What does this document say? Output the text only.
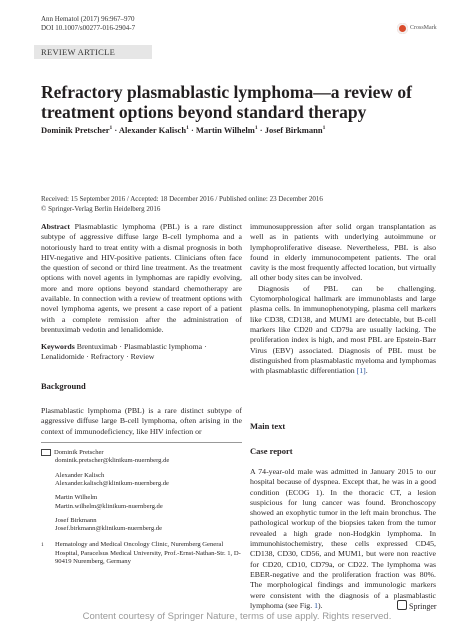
Ann Hematol (2017) 96:967–970
DOI 10.1007/s00277-016-2904-7	CrossMark
REVIEW ARTICLE
Refractory plasmablastic lymphoma—a review of treatment options beyond standard therapy
Dominik Pretscher$^1$ · Alexander Kalisch$^1$ · Martin Wilhelm$^1$ · Josef Birkmann$^1$
Received: 15 September 2016 / Accepted: 18 December 2016 / Published online: 23 December 2016
© Springer-Verlag Berlin Heidelberg 2016

Abstract Plasmablastic lymphoma (PBL) is a rare distinct subtype of aggressive diffuse large B-cell lymphoma and a notoriously hard to treat entity with a dismal prognosis in both HIV-negative and HIV-positive patients. Clinicians often face the question of second or third line treatment. As the treatment options with novel agents in lymphomas are rapidly evolving, more and more options beyond standard chemotherapy are available. In connection with a review of treatment options with novel lymphoma agents, we present a case report of a patient with a complete remission after the administration of brentuximab vedotin and lenalidomide.

Keywords Brentuximab · Plasmablastic lymphoma · Lenalidomide · Refractory · Review

Background

Plasmablastic lymphoma (PBL) is a rare distinct subtype of aggressive diffuse large B-cell lymphoma, often arising in the context of immunodeficiency, like HIV infection or

Dominik Pretscher
dominik.pretscher@klinikum-nuernberg.de
Alexander Kalisch
Alexander.kalisch@klinikum-nuernberg.de
Martin Wilhelm
Martin.wilhelm@klinikum-nuernberg.de
Josef Birkmann
Josef.birkmann@klinikum-nuernberg.de
1	Hematology and Medical Oncology Clinic, Nuremberg General Hospital, Paracelsus Medical University, Prof.-Ernst-Nathan-Str. 1, D-90419 Nuremberg, Germany

immunosuppression after solid organ transplantation as well as in patients with underlying autoimmune or lymphoproliferative disease. Nevertheless, PBL is also found in elderly immunocompetent patients. The oral cavity is the most frequently affected location, but virtually all other body sites can be involved.

Diagnosis of PBL can be challenging. Cytomorphological hallmark are immunoblasts and large plasma cells. In immunophenotyping, plasma cell markers like CD38, CD138, and MUM1 are detectable, but B-cell markers like CD20 and CD79a are usually lacking. The proliferation index is high, and most PBL are Epstein-Barr Virus (EBV) associated. Diagnosis of PBL must be distinguished from plasmablastic myeloma and lymphomas with plasmablastic differentiation [1].

Main text
Case report

A 74-year-old male was admitted in January 2015 to our hospital because of dyspnea. Except that, he was in a good condition (ECOG 1). In the thoracic CT, a lesion suspicious for lung cancer was found. Bronchoscopy showed an exophytic tumor in the left main bronchus. The pathological workup of the biopsies taken from the tumor revealed a high grade non-Hodgkin lymphoma. In immunohistochemistry, these cells expressed CD45, CD138, CD30, CD56, and MUM1, but were non reactive for CD20, CD10, CD79a, or CD22. The lymphoma was EBER-negative and the proliferation fraction was 80%. The morphological findings and immunologic markers were consistent with the diagnosis of a plasmablastic lymphoma (see Fig. 1).	Springer
Content courtesy of Springer Nature, terms of use apply. Rights reserved.
